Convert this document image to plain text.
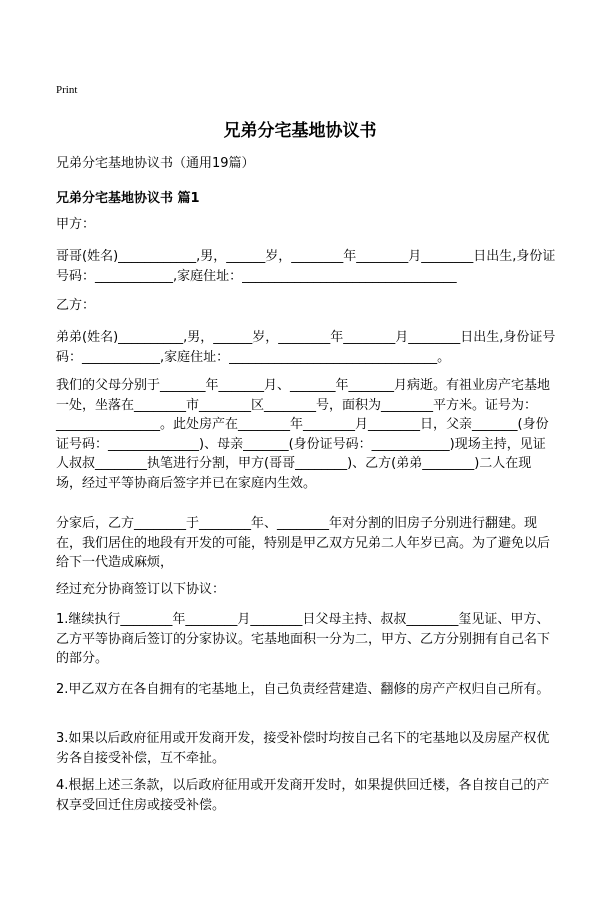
Print
兄弟分宅基地协议书
兄弟分宅基地协议书（通用19篇）
兄弟分宅基地协议书 篇1

甲方：

哥哥(姓名)____________,男，______岁，________年________月________日出生,身份证号码：____________,家庭住址：_________________________________

乙方：

弟弟(姓名)__________,男，______岁，________年________月________日出生,身份证号码：____________,家庭住址：________________________________。

我们的父母分别于_______年_______月、_______年_______月病逝。有祖业房产宅基地一处，坐落在________市________区________号，面积为________平方米。证号为：________________。此处房产在________年________月________日，父亲_______(身份证号码：______________)、母亲_______(身份证号码：____________)现场主持，见证人叔叔________执笔进行分割，甲方(哥哥________)、乙方(弟弟________)二人在现场，经过平等协商后签字并已在家庭内生效。

分家后，乙方________于________年、________年对分割的旧房子分别进行翻建。现在，我们居住的地段有开发的可能，特别是甲乙双方兄弟二人年岁已高。为了避免以后给下一代造成麻烦，

经过充分协商签订以下协议：

1.继续执行________年________月________日父母主持、叔叔________玺见证、甲方、乙方平等协商后签订的分家协议。宅基地面积一分为二，甲方、乙方分别拥有自己名下的部分。

2.甲乙双方在各自拥有的宅基地上，自己负责经营建造、翻修的房产产权归自己所有。

3.如果以后政府征用或开发商开发，接受补偿时均按自己名下的宅基地以及房屋产权优劣各自接受补偿，互不牵扯。

4.根据上述三条款，以后政府征用或开发商开发时，如果提供回迁楼，各自按自己的产权享受回迁住房或接受补偿。
